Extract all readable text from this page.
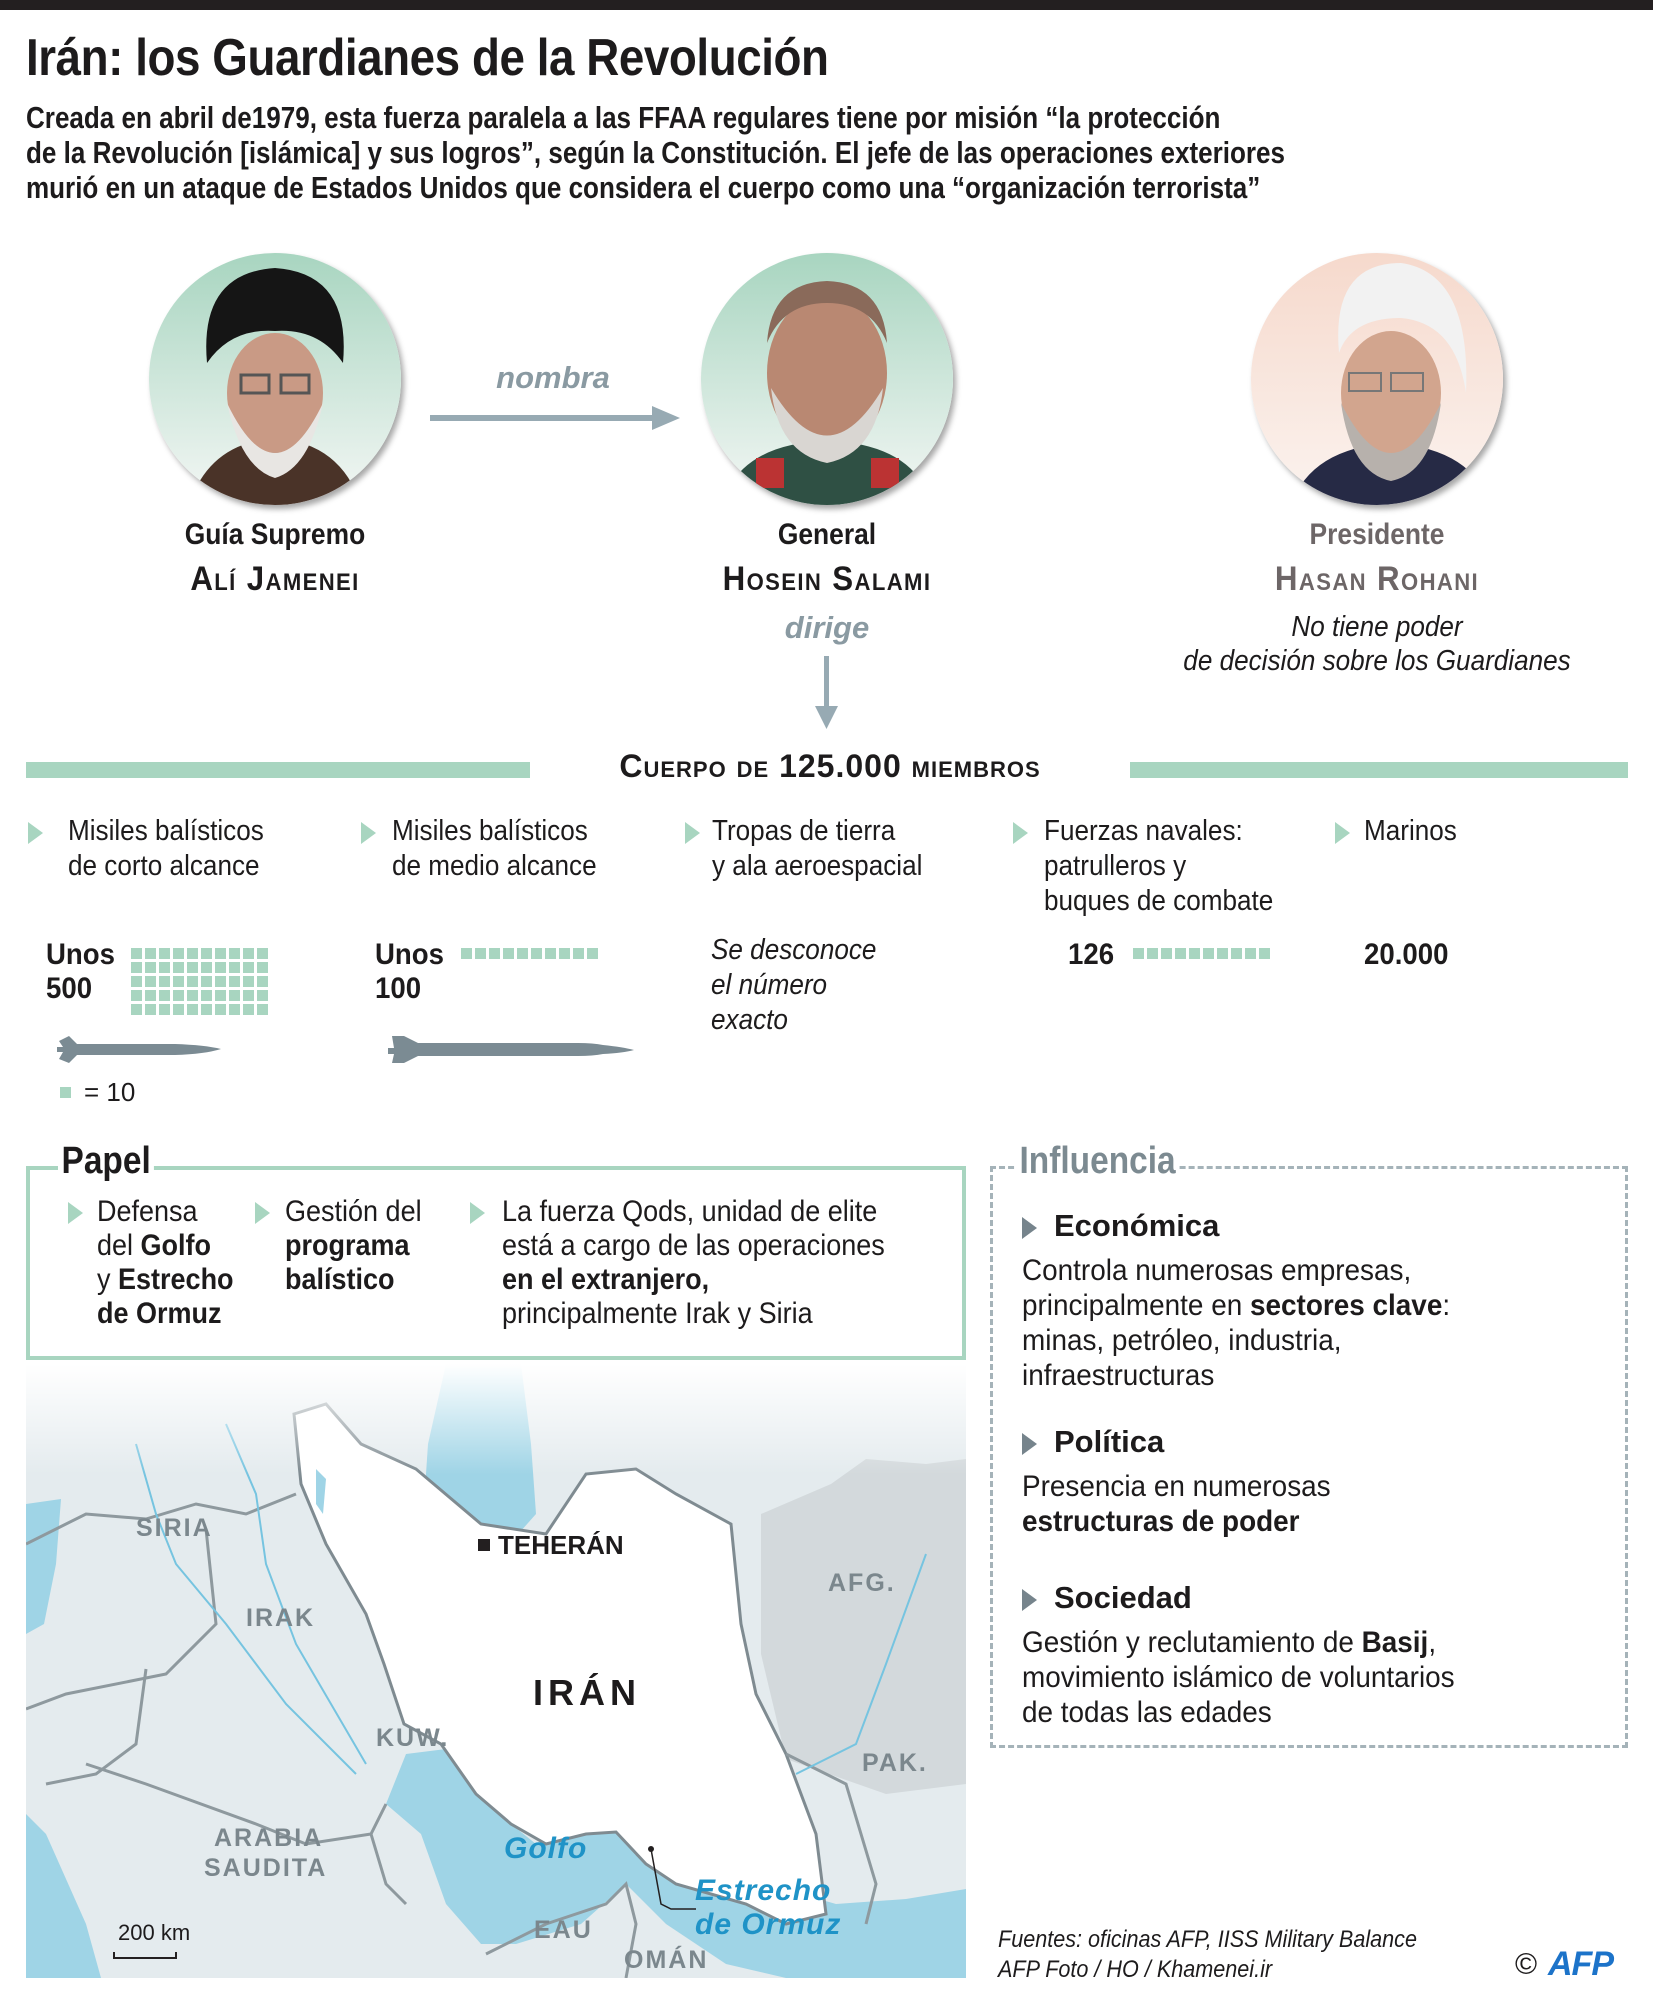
Irán: los Guardianes de la Revolución
Creada en abril de1979, esta fuerza paralela a las FFAA regulares tiene por misión “la protección
de la Revolución [islámica] y sus logros”, según la Constitución. El jefe de las operaciones exteriores
murió en un ataque de Estados Unidos que considera el cuerpo como una “organización terrorista”
nombra
Guía Supremo
Alí Jamenei
General
Hosein Salami
Presidente
Hasan Rohani
No tiene poder
de decisión sobre los Guardianes
dirige
Cuerpo de 125.000 miembros
Misiles balísticos
de corto alcance
Misiles balísticos
de medio alcance
Tropas de tierra
y ala aeroespacial
Fuerzas navales:
patrulleros y
buques de combate
Marinos
Unos
500
Unos
100
Se desconoce
el número
exacto
126	20.000
= 10
Papel
Defensa
del Golfo
y Estrecho
de Ormuz
Gestión del
programa
balístico
La fuerza Qods, unidad de elite
está a cargo de las operaciones
en el extranjero,
principalmente Irak y Siria
Influencia
Económica
Controla numerosas empresas,
principalmente en sectores clave:
minas, petróleo, industria,
infraestructuras
Política
Presencia en numerosas
estructuras de poder
Sociedad
Gestión y reclutamiento de Basij,
movimiento islámico de voluntarios
de todas las edades
SIRIA
IRAK
KUW.
ARABIA
SAUDITA
EAU
OMÁN
AFG.
PAK.
IRÁN
TEHERÁN
Golfo
Estrecho
de Ormuz
200 km	Fuentes: oficinas AFP, IISS Military Balance
AFP Foto / HO / Khamenei.ir	© AFP
